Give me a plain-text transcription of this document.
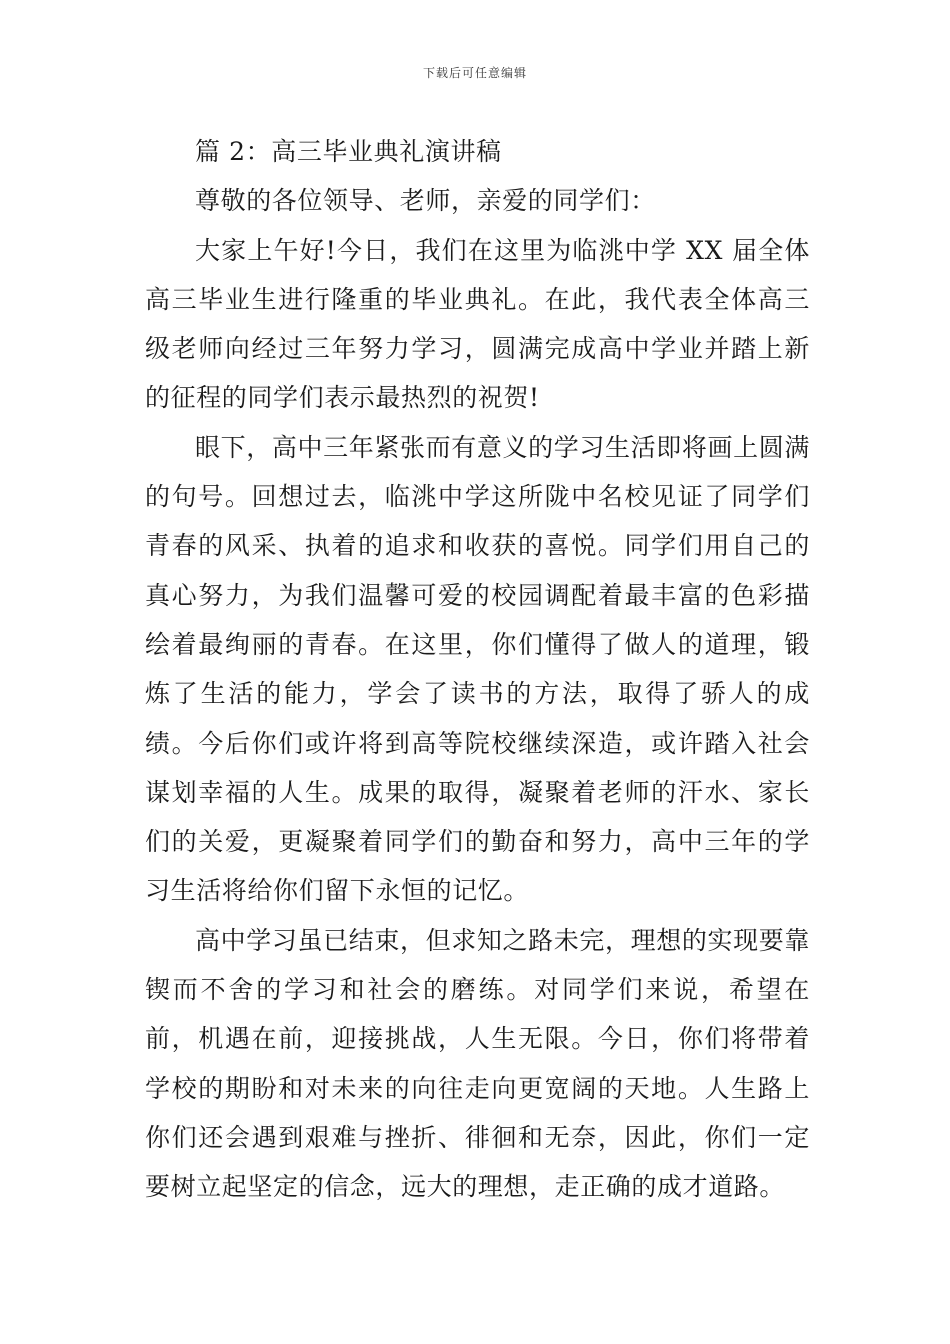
下载后可任意编辑

篇 2：高三毕业典礼演讲稿

尊敬的各位领导、老师，亲爱的同学们：

大家上午好!今日，我们在这里为临洮中学 XX 届全体高三毕业生进行隆重的毕业典礼。在此，我代表全体高三级老师向经过三年努力学习，圆满完成高中学业并踏上新的征程的同学们表示最热烈的祝贺!

眼下，高中三年紧张而有意义的学习生活即将画上圆满的句号。回想过去，临洮中学这所陇中名校见证了同学们青春的风采、执着的追求和收获的喜悦。同学们用自己的真心努力，为我们温馨可爱的校园调配着最丰富的色彩描绘着最绚丽的青春。在这里，你们懂得了做人的道理，锻炼了生活的能力，学会了读书的方法，取得了骄人的成绩。今后你们或许将到高等院校继续深造，或许踏入社会谋划幸福的人生。成果的取得，凝聚着老师的汗水、家长们的关爱，更凝聚着同学们的勤奋和努力，高中三年的学习生活将给你们留下永恒的记忆。

高中学习虽已结束，但求知之路未完，理想的实现要靠锲而不舍的学习和社会的磨练。对同学们来说，希望在前，机遇在前，迎接挑战，人生无限。今日，你们将带着学校的期盼和对未来的向往走向更宽阔的天地。人生路上你们还会遇到艰难与挫折、徘徊和无奈，因此，你们一定要树立起坚定的信念，远大的理想，走正确的成才道路。
